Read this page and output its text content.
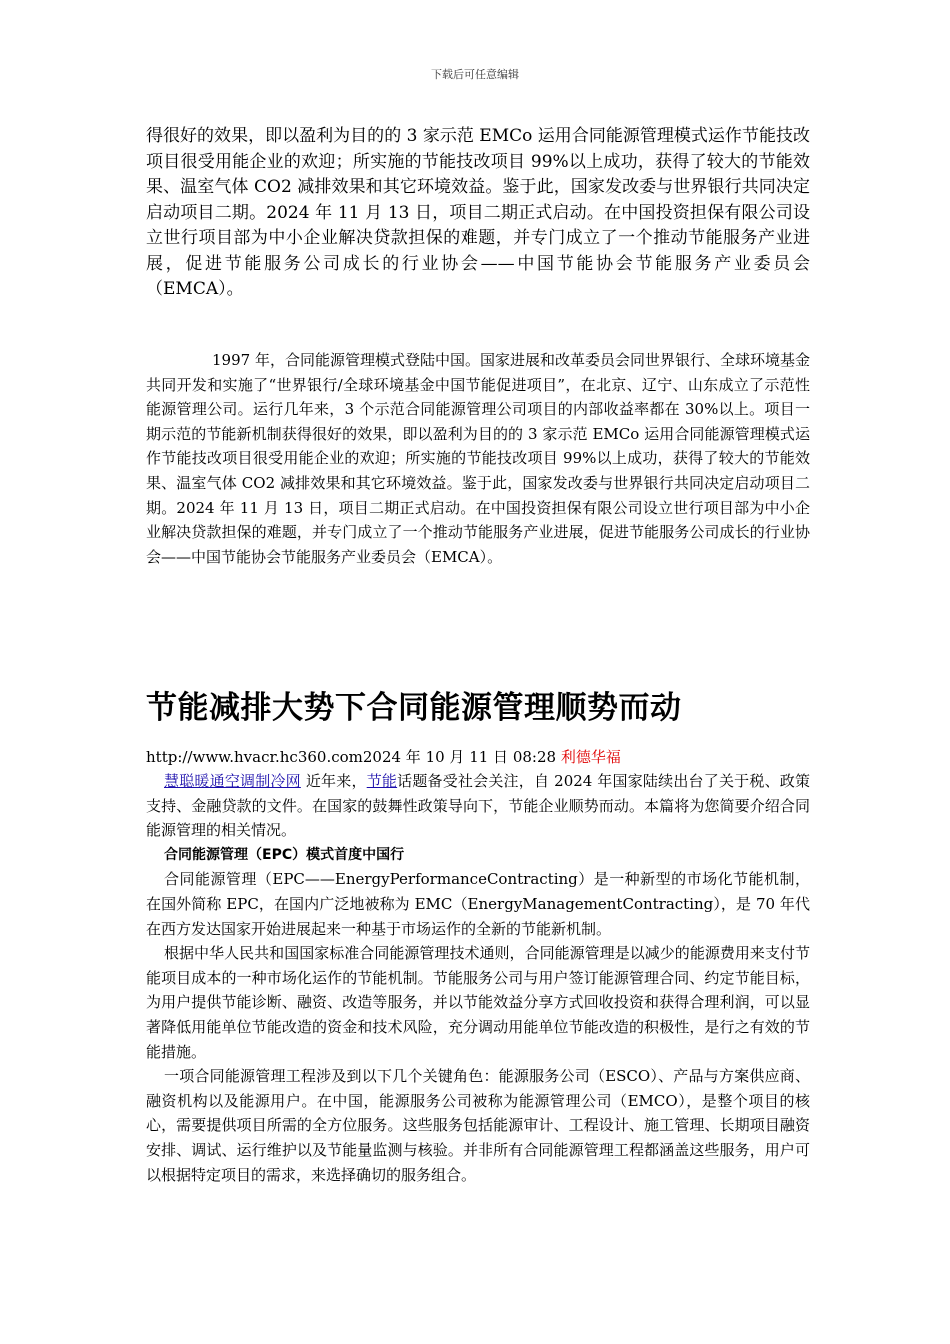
下载后可任意编辑
得很好的效果，即以盈利为目的的 3 家示范 EMCo 运用合同能源管理模式运作节能技改项目很受用能企业的欢迎；所实施的节能技改项目 99%以上成功，获得了较大的节能效果、温室气体 CO2 减排效果和其它环境效益。鉴于此，国家发改委与世界银行共同决定启动项目二期。2024 年 11 月 13 日，项目二期正式启动。在中国投资担保有限公司设立世行项目部为中小企业解决贷款担保的难题，并专门成立了一个推动节能服务产业进展，促进节能服务公司成长的行业协会——中国节能协会节能服务产业委员会（EMCA）。
1997 年，合同能源管理模式登陆中国。国家进展和改革委员会同世界银行、全球环境基金共同开发和实施了“世界银行/全球环境基金中国节能促进项目”，在北京、辽宁、山东成立了示范性能源管理公司。运行几年来，3 个示范合同能源管理公司项目的内部收益率都在 30%以上。项目一期示范的节能新机制获得很好的效果，即以盈利为目的的 3 家示范 EMCo 运用合同能源管理模式运作节能技改项目很受用能企业的欢迎；所实施的节能技改项目 99%以上成功，获得了较大的节能效果、温室气体 CO2 减排效果和其它环境效益。鉴于此，国家发改委与世界银行共同决定启动项目二期。2024 年 11 月 13 日，项目二期正式启动。在中国投资担保有限公司设立世行项目部为中小企业解决贷款担保的难题，并专门成立了一个推动节能服务产业进展，促进节能服务公司成长的行业协会——中国节能协会节能服务产业委员会（EMCA）。
节能减排大势下合同能源管理顺势而动
http://www.hvacr.hc360.com2024 年 10 月 11 日 08:28 利德华福

慧聪暖通空调制冷网 近年来，节能话题备受社会关注，自 2024 年国家陆续出台了关于税、政策支持、金融贷款的文件。在国家的鼓舞性政策导向下，节能企业顺势而动。本篇将为您简要介绍合同能源管理的相关情况。

合同能源管理（EPC）模式首度中国行

合同能源管理（EPC——EnergyPerformanceContracting）是一种新型的市场化节能机制，在国外简称 EPC，在国内广泛地被称为 EMC（EnergyManagementContracting），是 70 年代在西方发达国家开始进展起来一种基于市场运作的全新的节能新机制。

根据中华人民共和国国家标准合同能源管理技术通则，合同能源管理是以减少的能源费用来支付节能项目成本的一种市场化运作的节能机制。节能服务公司与用户签订能源管理合同、约定节能目标，为用户提供节能诊断、融资、改造等服务，并以节能效益分享方式回收投资和获得合理利润，可以显著降低用能单位节能改造的资金和技术风险，充分调动用能单位节能改造的积极性，是行之有效的节能措施。

一项合同能源管理工程涉及到以下几个关键角色：能源服务公司（ESCO）、产品与方案供应商、融资机构以及能源用户。在中国，能源服务公司被称为能源管理公司（EMCO），是整个项目的核心，需要提供项目所需的全方位服务。这些服务包括能源审计、工程设计、施工管理、长期项目融资安排、调试、运行维护以及节能量监测与核验。并非所有合同能源管理工程都涵盖这些服务，用户可以根据特定项目的需求，来选择确切的服务组合。
